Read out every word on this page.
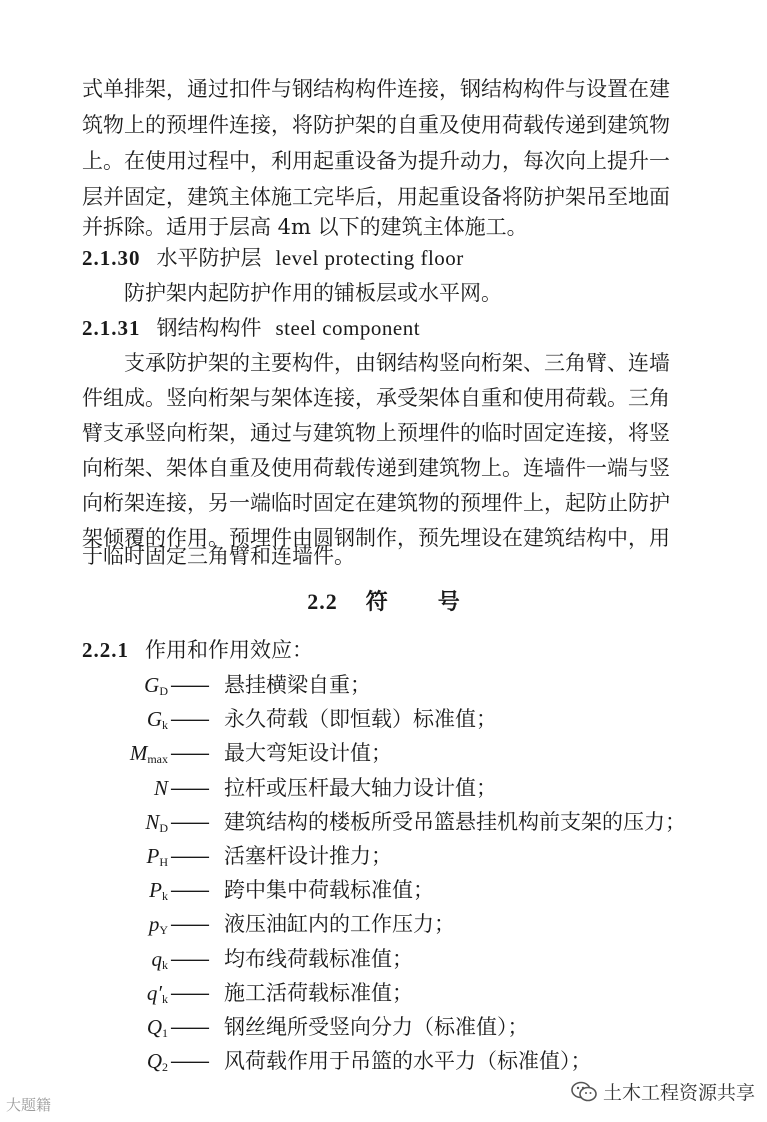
式单排架，通过扣件与钢结构构件连接，钢结构构件与设置在建
筑物上的预埋件连接，将防护架的自重及使用荷载传递到建筑物
上。在使用过程中，利用起重设备为提升动力，每次向上提升一
层并固定，建筑主体施工完毕后，用起重设备将防护架吊至地面
并拆除。适用于层高 4m 以下的建筑主体施工。
2.1.30 水平防护层 level protecting floor
防护架内起防护作用的铺板层或水平网。
2.1.31 钢结构构件 steel component
支承防护架的主要构件，由钢结构竖向桁架、三角臂、连墙
件组成。竖向桁架与架体连接，承受架体自重和使用荷载。三角
臂支承竖向桁架，通过与建筑物上预埋件的临时固定连接，将竖
向桁架、架体自重及使用荷载传递到建筑物上。连墙件一端与竖
向桁架连接，另一端临时固定在建筑物的预埋件上，起防止防护
架倾覆的作用。预埋件由圆钢制作，预先埋设在建筑结构中，用
于临时固定三角臂和连墙件。
2.2 符 号
2.2.1 作用和作用效应：
$G_D$ —— 悬挂横梁自重；
$G_k$ —— 永久荷载（即恒载）标准值；
$M_{max}$ —— 最大弯矩设计值；
N —— 拉杆或压杆最大轴力设计值；
$N_D$ —— 建筑结构的楼板所受吊篮悬挂机构前支架的压力；
$P_H$ —— 活塞杆设计推力；
$P_k$ —— 跨中集中荷载标准值；
$p_Y$ —— 液压油缸内的工作压力；
$q_k$ —— 均布线荷载标准值；
$q'_k$ —— 施工活荷载标准值；
$Q_1$ —— 钢丝绳所受竖向分力（标准值）；
$Q_2$ —— 风荷载作用于吊篮的水平力（标准值）；
大题籍
土木工程资源共享
